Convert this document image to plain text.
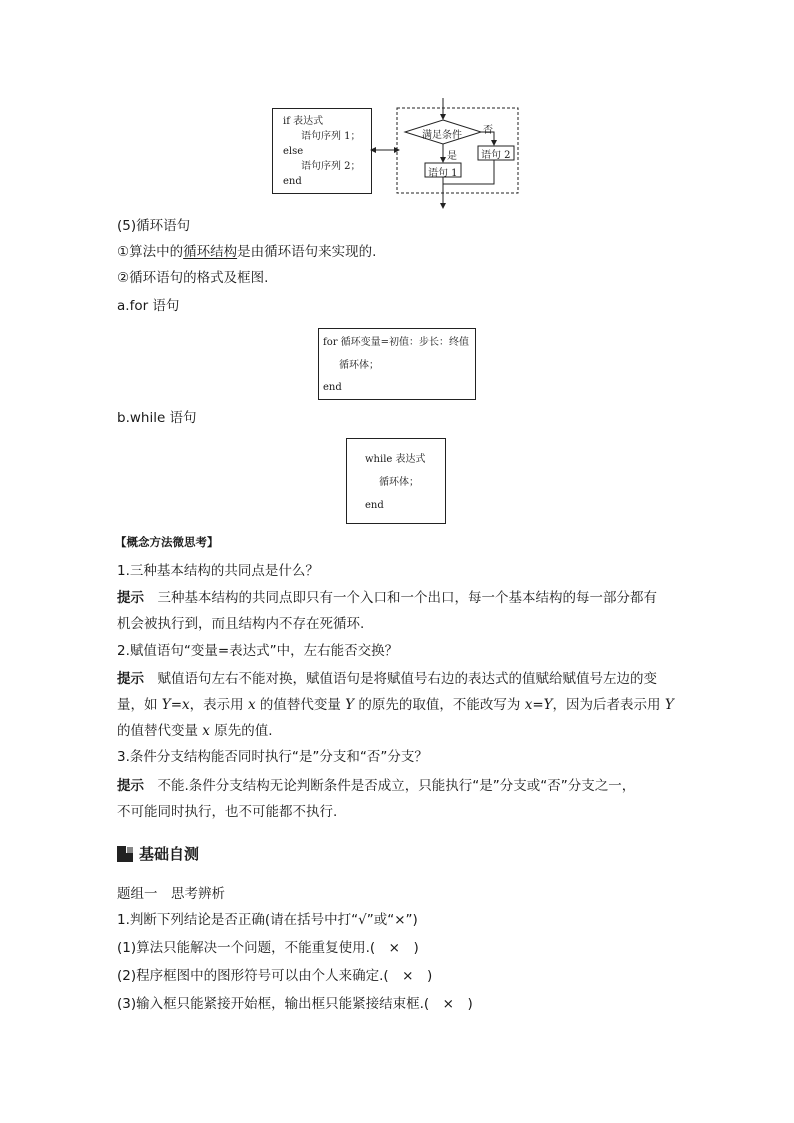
if 表达式
语句序列 1；
else
语句序列 2；
end
满足条件 否
是 语句 2
语句 1
(5)循环语句
①算法中的循环结构是由循环语句来实现的.
②循环语句的格式及框图.
a.for 语句
for 循环变量=初值：步长：终值
循环体；
end
b.while 语句
while 表达式
循环体；
end
【概念方法微思考】
1.三种基本结构的共同点是什么？
提示　 三种基本结构的共同点即只有一个入口和一个出口，每一个基本结构的每一部分都有
机会被执行到，而且结构内不存在死循环.
2.赋值语句“变量=表达式”中，左右能否交换？
提示　 赋值语句左右不能对换，赋值语句是将赋值号右边的表达式的值赋给赋值号左边的变
量，如 Y=x，表示用 x 的值替代变量 Y 的原先的取值，不能改写为 x=Y，因为后者表示用 Y
的值替代变量 x 原先的值.
3.条件分支结构能否同时执行“是”分支和“否”分支？
提示　 不能.条件分支结构无论判断条件是否成立，只能执行“是”分支或“否”分支之一，
不可能同时执行，也不可能都不执行.
基础自测
题组一　思考辨析
1.判断下列结论是否正确(请在括号中打“√”或“×”)
(1)算法只能解决一个问题，不能重复使用.(　×　)
(2)程序框图中的图形符号可以由个人来确定.(　×　)
(3)输入框只能紧接开始框，输出框只能紧接结束框.(　×　)
